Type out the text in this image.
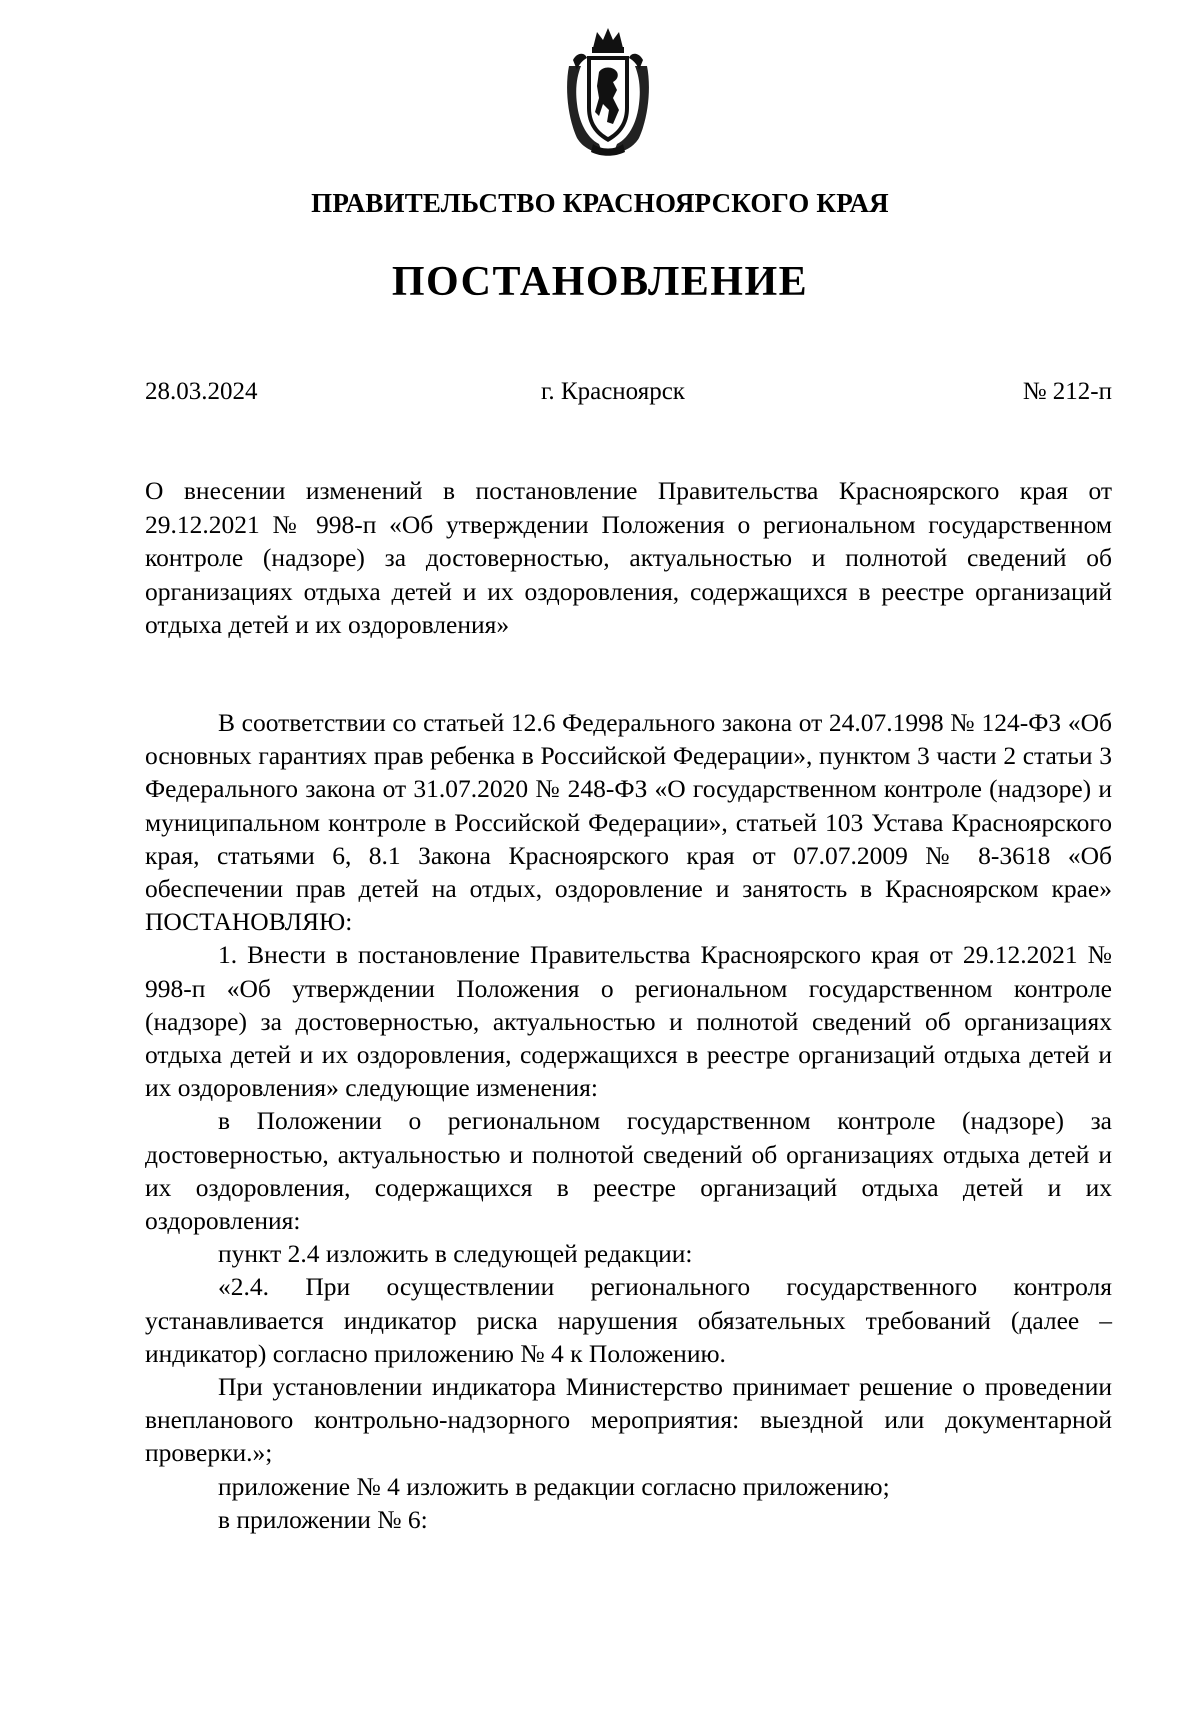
ПРАВИТЕЛЬСТВО КРАСНОЯРСКОГО КРАЯ
ПОСТАНОВЛЕНИЕ
28.03.2024	г. Красноярск	№ 212-п
О внесении изменений в постановление Правительства Красноярского края от 29.12.2021 № 998-п «Об утверждении Положения о региональном государственном контроле (надзоре) за достоверностью, актуальностью и полнотой сведений об организациях отдыха детей и их оздоровления, содержащихся в реестре организаций отдыха детей и их оздоровления»

В соответствии со статьей 12.6 Федерального закона от 24.07.1998 № 124-ФЗ «Об основных гарантиях прав ребенка в Российской Федерации», пунктом 3 части 2 статьи 3 Федерального закона от 31.07.2020 № 248-ФЗ «О государственном контроле (надзоре) и муниципальном контроле в Российской Федерации», статьей 103 Устава Красноярского края, статьями 6, 8.1 Закона Красноярского края от 07.07.2009 № 8-3618 «Об обеспечении прав детей на отдых, оздоровление и занятость в Красноярском крае» ПОСТАНОВЛЯЮ:

1. Внести в постановление Правительства Красноярского края от 29.12.2021 № 998-п «Об утверждении Положения о региональном государственном контроле (надзоре) за достоверностью, актуальностью и полнотой сведений об организациях отдыха детей и их оздоровления, содержащихся в реестре организаций отдыха детей и их оздоровления» следующие изменения:

в Положении о региональном государственном контроле (надзоре) за достоверностью, актуальностью и полнотой сведений об организациях отдыха детей и их оздоровления, содержащихся в реестре организаций отдыха детей и их оздоровления:

пункт 2.4 изложить в следующей редакции:

«2.4. При осуществлении регионального государственного контроля устанавливается индикатор риска нарушения обязательных требований (далее – индикатор) согласно приложению № 4 к Положению.

При установлении индикатора Министерство принимает решение о проведении внепланового контрольно-надзорного мероприятия: выездной или документарной проверки.»;

приложение № 4 изложить в редакции согласно приложению;

в приложении № 6:
